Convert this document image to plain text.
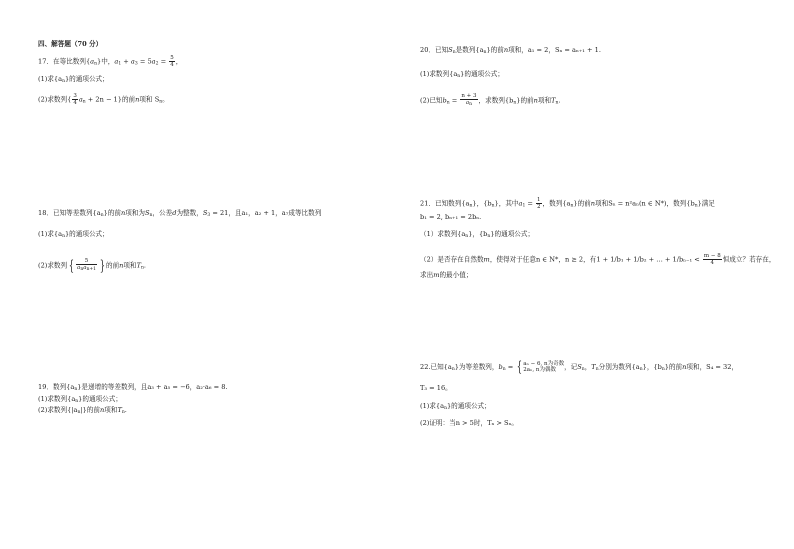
四、解答题（70 分）
17．在等比数列$\{a_n\}$中，$a_1 + a_3 = 5a_2 = \frac{5}{4}$ ，
(1)求$\{a_n\}$的通项公式；
(2)求数列{ $\frac{3}{4} a_n + 2n - 1$}的前n项和 $S_n$。
18．已知等差数列$\{a_n\}$的前n项和为$S_n$，公差d为整数，$S_3 = 21$，且a₁，a₂ + 1，a₇成等比数列
(1)求$\{a_n\}$的通项公式；
(2)求数列 { $\frac{5}{a_na_{n+1}}$ }的前n项和$T_n$.
19．数列$\{a_n\}$是递增的等差数列，且a₃ + a₅ = −6，a₂·a₆ = 8.
(1)求数列$\{a_n\}$的通项公式；
(2)求数列$\{|a_n|\}$的前n项和$T_n$.
20．已知$S_n$是数列$\{a_n\}$的前n项和，a₁ = 2，Sₙ = aₙ₊₁ + 1.
(1)求数列$\{a_n\}$的通项公式；
(2)已知$b_n = \frac{n + 3}{a_n}$ ，求数列$\{b_n\}$的前n项和$T_n$.
21．已知数列$\{a_n\}$，$\{b_n\}$，其中$a_1 = \frac{1}{2}$ ，数列$\{a_n\}$的前n项和Sₙ = n²aₙ(n ∈ N*)，数列$\{b_n\}$满足
b₁ = 2, bₙ₊₁ = 2bₙ.
（1）求数列$\{a_n\}$，$\{b_n\}$的通项公式；
（2）是否存在自然数m，使得对于任意n ∈ N*，n ≥ 2，有1 + 1/b₁ + 1/b₂ + … + $1/b_{n-1} < \frac{m - 8}{4}$ 恒成立？若存在，
求出m的最小值；
22.已知$\{a_n\}$为等差数列，$b_n$ = { aₙ − 6, n为奇数
2aₙ, n为偶数	，记$S_n$，$T_n$分别为数列$\{a_n\}$，$\{b_n\}$的前n项和，S₄ = 32，
T₃ = 16。
(1)求$\{a_n\}$的通项公式；
(2)证明：当n > 5时，Tₙ > Sₙ。
